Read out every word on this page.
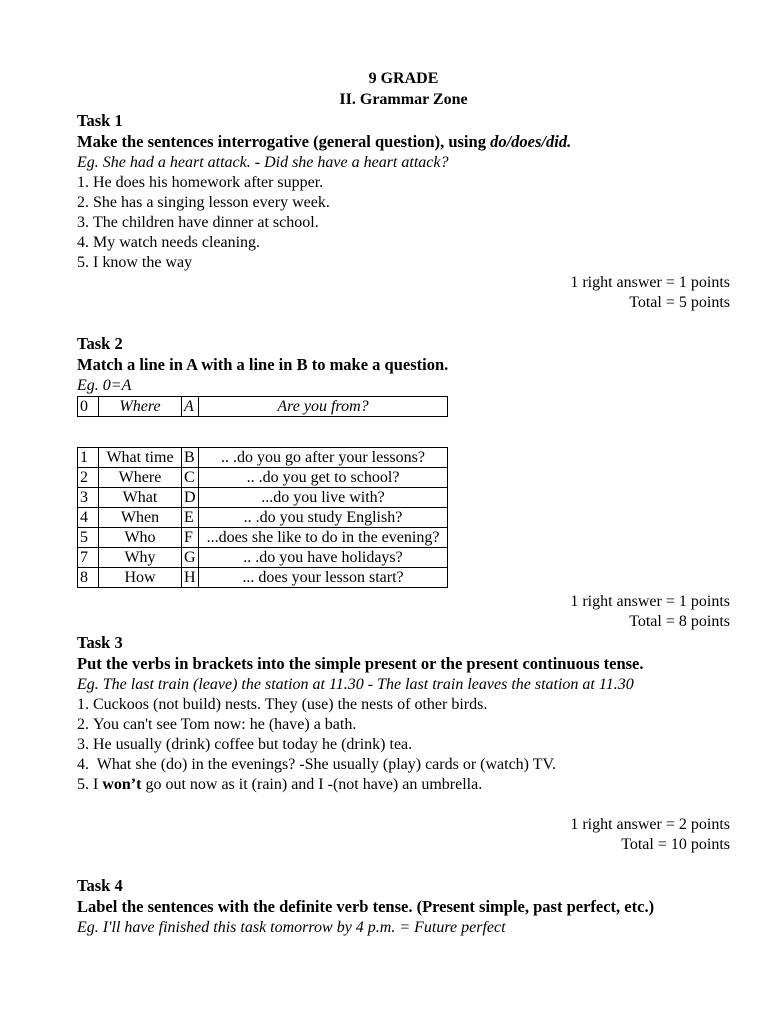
9 GRADE
II. Grammar Zone
Task 1
Make the sentences interrogative (general question), using do/does/did.
Eg. She had a heart attack. - Did she have a heart attack?
1. He does his homework after supper.
2. She has a singing lesson every week.
3. The children have dinner at school.
4. My watch needs cleaning.
5. I know the way
1 right answer = 1 points
Total = 5 points
Task 2
Match a line in A with a line in B to make a question.
Eg. 0=A
0	Where	A	Are you from?
1	What time	B	.. .do you go after your lessons?
2	Where	C	.. .do you get to school?
3	What	D	...do you live with?
4	When	E	.. .do you study English?
5	Who	F	...does she like to do in the evening?
7	Why	G	.. .do you have holidays?
8	How	H	... does your lesson start?
1 right answer = 1 points
Total = 8 points
Task 3
Put the verbs in brackets into the simple present or the present continuous tense.
Eg. The last train (leave) the station at 11.30 - The last train leaves the station at 11.30
1. Cuckoos (not build) nests. They (use) the nests of other birds.
2. You can't see Tom now: he (have) a bath.
3. He usually (drink) coffee but today he (drink) tea.
4. What she (do) in the evenings? -She usually (play) cards or (watch) TV.
5. I won’t go out now as it (rain) and I -(not have) an umbrella.
1 right answer = 2 points
Total = 10 points
Task 4
Label the sentences with the definite verb tense. (Present simple, past perfect, etc.)
Eg. I'll have finished this task tomorrow by 4 p.m. = Future perfect
